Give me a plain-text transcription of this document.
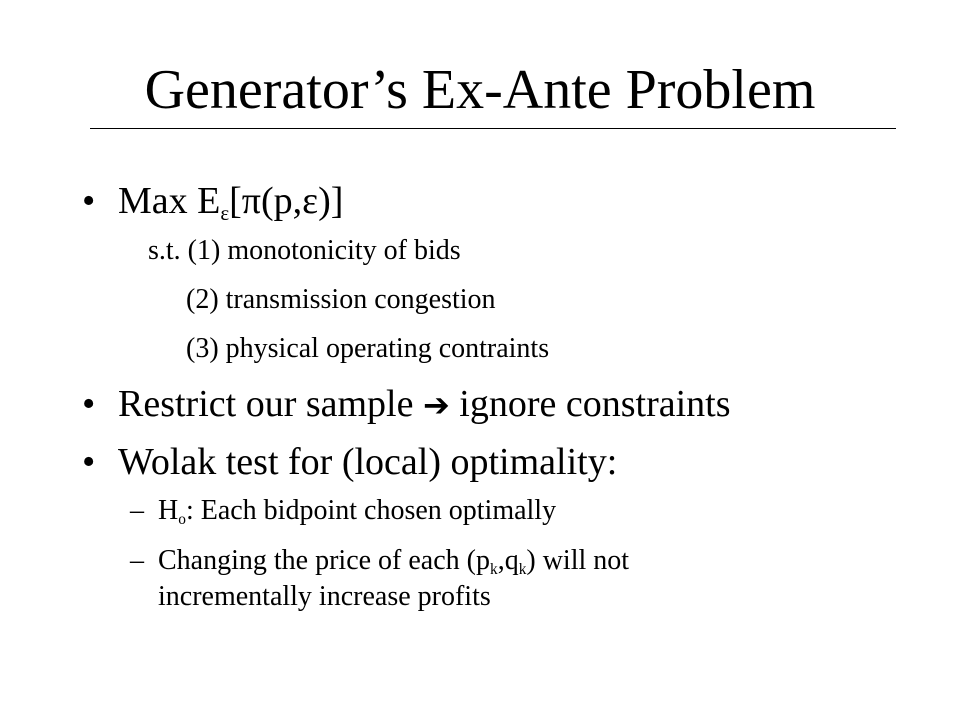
Generator’s Ex-Ante Problem
• Max $E_\varepsilon[\pi(p,\varepsilon)]$
s.t. (1) monotonicity of bids
(2) transmission congestion
(3) physical operating contraints
• Restrict our sample ➔ ignore constraints
• Wolak test for (local) optimality:
– $H_o$: Each bidpoint chosen optimally
– Changing the price of each $(p_k,q_k)$ will not
incrementally increase profits
